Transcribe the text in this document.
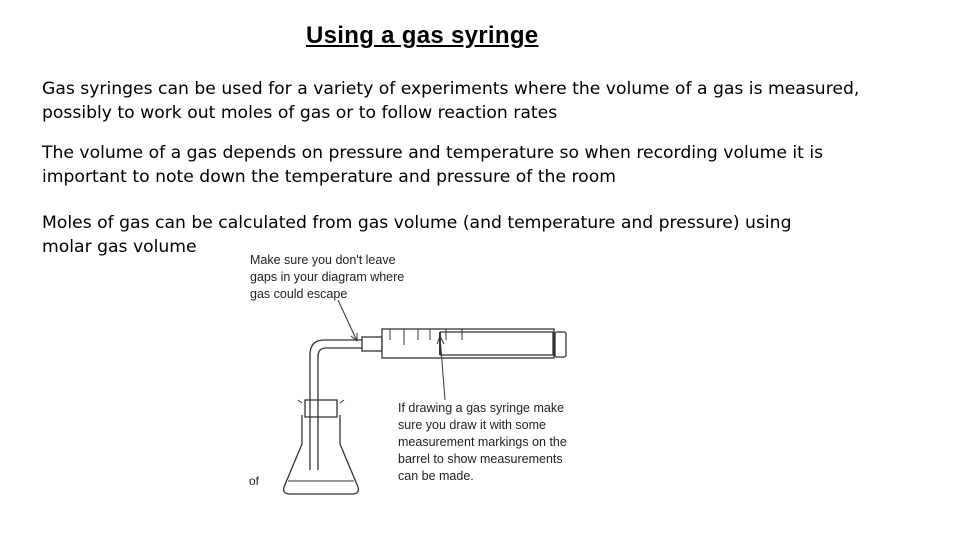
Using a gas syringe
Gas syringes can be used for a variety of experiments where the volume of a gas is measured,
possibly to work out moles of gas or to follow reaction rates
The volume of a gas depends on pressure and temperature so when recording volume it is
important to note down the temperature and pressure of the room
Moles of gas can be calculated from gas volume (and temperature and pressure) using
molar gas volume
Make sure you don't leave
gaps in your diagram where
gas could escape
If drawing a gas syringe make
sure you draw it with some
measurement markings on the
barrel to show measurements
can be made.
of
